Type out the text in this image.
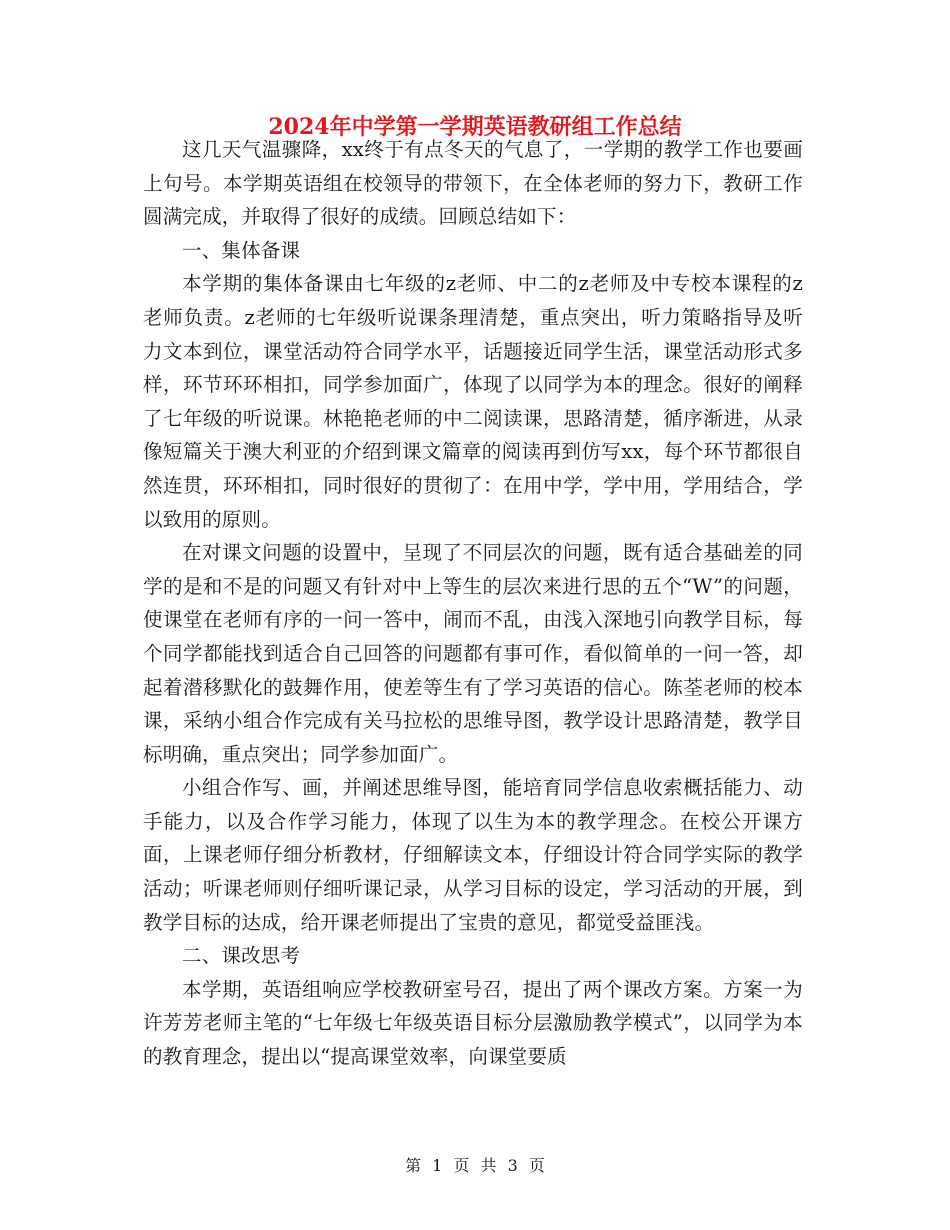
2024年中学第一学期英语教研组工作总结

这几天气温骤降，xx终于有点冬天的气息了，一学期的教学工作也要画上句号。本学期英语组在校领导的带领下，在全体老师的努力下，教研工作圆满完成，并取得了很好的成绩。回顾总结如下：

一、集体备课

本学期的集体备课由七年级的z老师、中二的z老师及中专校本课程的z老师负责。z老师的七年级听说课条理清楚，重点突出，听力策略指导及听力文本到位，课堂活动符合同学水平，话题接近同学生活，课堂活动形式多样，环节环环相扣，同学参加面广，体现了以同学为本的理念。很好的阐释了七年级的听说课。林艳艳老师的中二阅读课，思路清楚，循序渐进，从录像短篇关于澳大利亚的介绍到课文篇章的阅读再到仿写xx，每个环节都很自然连贯，环环相扣，同时很好的贯彻了：在用中学，学中用，学用结合，学以致用的原则。

在对课文问题的设置中，呈现了不同层次的问题，既有适合基础差的同学的是和不是的问题又有针对中上等生的层次来进行思的五个“W”的问题，使课堂在老师有序的一问一答中，闹而不乱，由浅入深地引向教学目标，每个同学都能找到适合自己回答的问题都有事可作，看似简单的一问一答，却起着潜移默化的鼓舞作用，使差等生有了学习英语的信心。陈荃老师的校本课，采纳小组合作完成有关马拉松的思维导图，教学设计思路清楚，教学目标明确，重点突出；同学参加面广。

小组合作写、画，并阐述思维导图，能培育同学信息收索概括能力、动手能力，以及合作学习能力，体现了以生为本的教学理念。在校公开课方面，上课老师仔细分析教材，仔细解读文本，仔细设计符合同学实际的教学活动；听课老师则仔细听课记录，从学习目标的设定，学习活动的开展，到教学目标的达成，给开课老师提出了宝贵的意见，都觉受益匪浅。

二、课改思考

本学期，英语组响应学校教研室号召，提出了两个课改方案。方案一为许芳芳老师主笔的“七年级七年级英语目标分层激励教学模式”，以同学为本的教育理念，提出以“提高课堂效率，向课堂要质

第 1 页 共 3 页
